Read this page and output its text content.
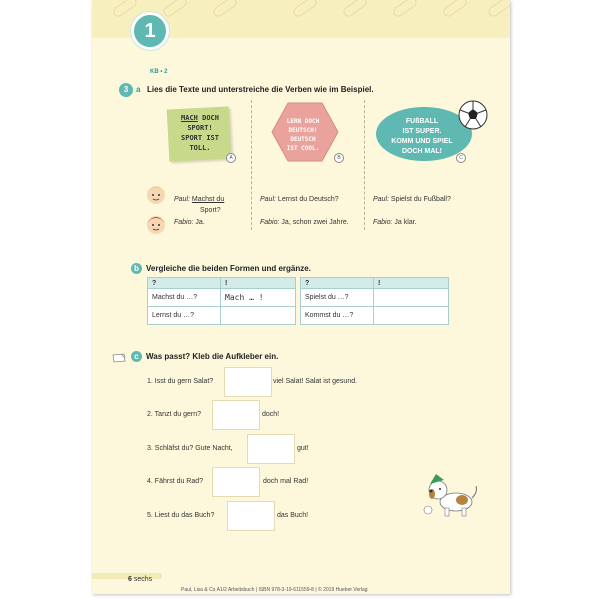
1
KB • 2
3 a Lies die Texte und unterstreiche die Verben wie im Beispiel.
MACH DOCH
SPORT!
SPORT IST
TOLL.
A
LERN DOCH
DEUTSCH!
DEUTSCH
IST COOL.
B
FUßBALL
IST SUPER.
KOMM UND SPIEL
DOCH MAL!
C
Paul: Machst du
Sport?
Fabio: Ja.
Paul: Lernst du Deutsch?
Fabio: Ja, schon zwei Jahre.
Paul: Spielst du Fußball?
Fabio: Ja klar.
b Vergleiche die beiden Formen und ergänze.
?	!
Machst du …?	Mach … !
Lernst du …?	
?	!
Spielst du …?	
Kommst du …?	
c Was passt? Kleb die Aufkleber ein.
1. Isst du gern Salat?	viel Salat! Salat ist gesund.
2. Tanzt du gern?	doch!
3. Schläfst du? Gute Nacht,	gut!
4. Fährst du Rad?	doch mal Rad!
5. Liest du das Buch?	das Buch!
6 sechs
Paul, Lisa & Co A1/2 Arbeitsbuch | ISBN 978-3-19-611559-8 | © 2019 Hueber Verlag
